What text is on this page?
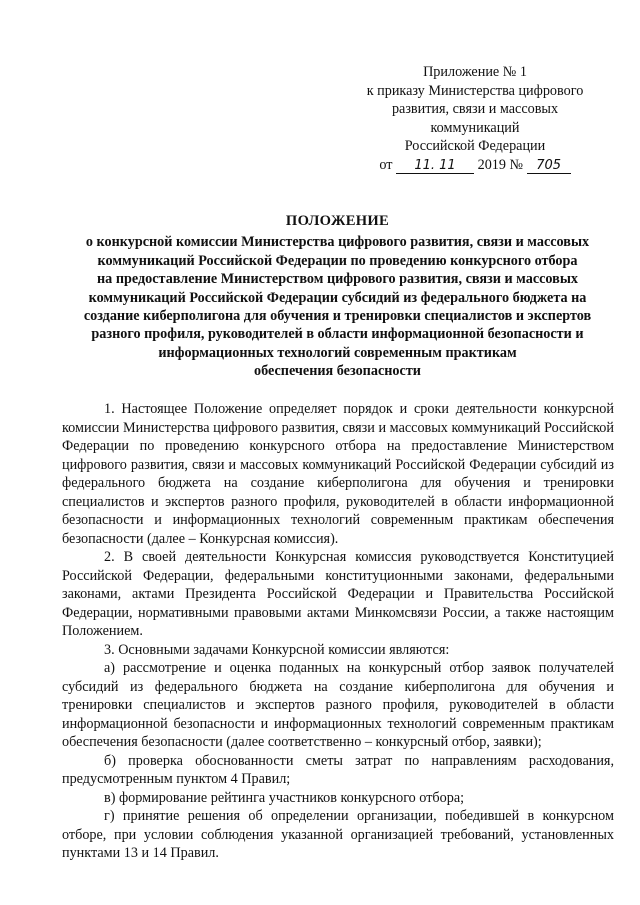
Приложение № 1
к приказу Министерства цифрового
развития, связи и массовых
коммуникаций
Российской Федерации
от 11. 11 2019 № 705
ПОЛОЖЕНИЕ
о конкурсной комиссии Министерства цифрового развития, связи и массовых
коммуникаций Российской Федерации по проведению конкурсного отбора
на предоставление Министерством цифрового развития, связи и массовых
коммуникаций Российской Федерации субсидий из федерального бюджета на
создание киберполигона для обучения и тренировки специалистов и экспертов
разного профиля, руководителей в области информационной безопасности и
информационных технологий современным практикам
обеспечения безопасности

1. Настоящее Положение определяет порядок и сроки деятельности конкурсной комиссии Министерства цифрового развития, связи и массовых коммуникаций Российской Федерации по проведению конкурсного отбора на предоставление Министерством цифрового развития, связи и массовых коммуникаций Российской Федерации субсидий из федерального бюджета на создание киберполигона для обучения и тренировки специалистов и экспертов разного профиля, руководителей в области информационной безопасности и информационных технологий современным практикам обеспечения безопасности (далее – Конкурсная комиссия).

2. В своей деятельности Конкурсная комиссия руководствуется Конституцией Российской Федерации, федеральными конституционными законами, федеральными законами, актами Президента Российской Федерации и Правительства Российской Федерации, нормативными правовыми актами Минкомсвязи России, а также настоящим Положением.

3. Основными задачами Конкурсной комиссии являются:

а) рассмотрение и оценка поданных на конкурсный отбор заявок получателей субсидий из федерального бюджета на создание киберполигона для обучения и тренировки специалистов и экспертов разного профиля, руководителей в области информационной безопасности и информационных технологий современным практикам обеспечения безопасности (далее соответственно – конкурсный отбор, заявки);

б) проверка обоснованности сметы затрат по направлениям расходования, предусмотренным пунктом 4 Правил;

в) формирование рейтинга участников конкурсного отбора;

г) принятие решения об определении организации, победившей в конкурсном отборе, при условии соблюдения указанной организацией требований, установленных пунктами 13 и 14 Правил.
